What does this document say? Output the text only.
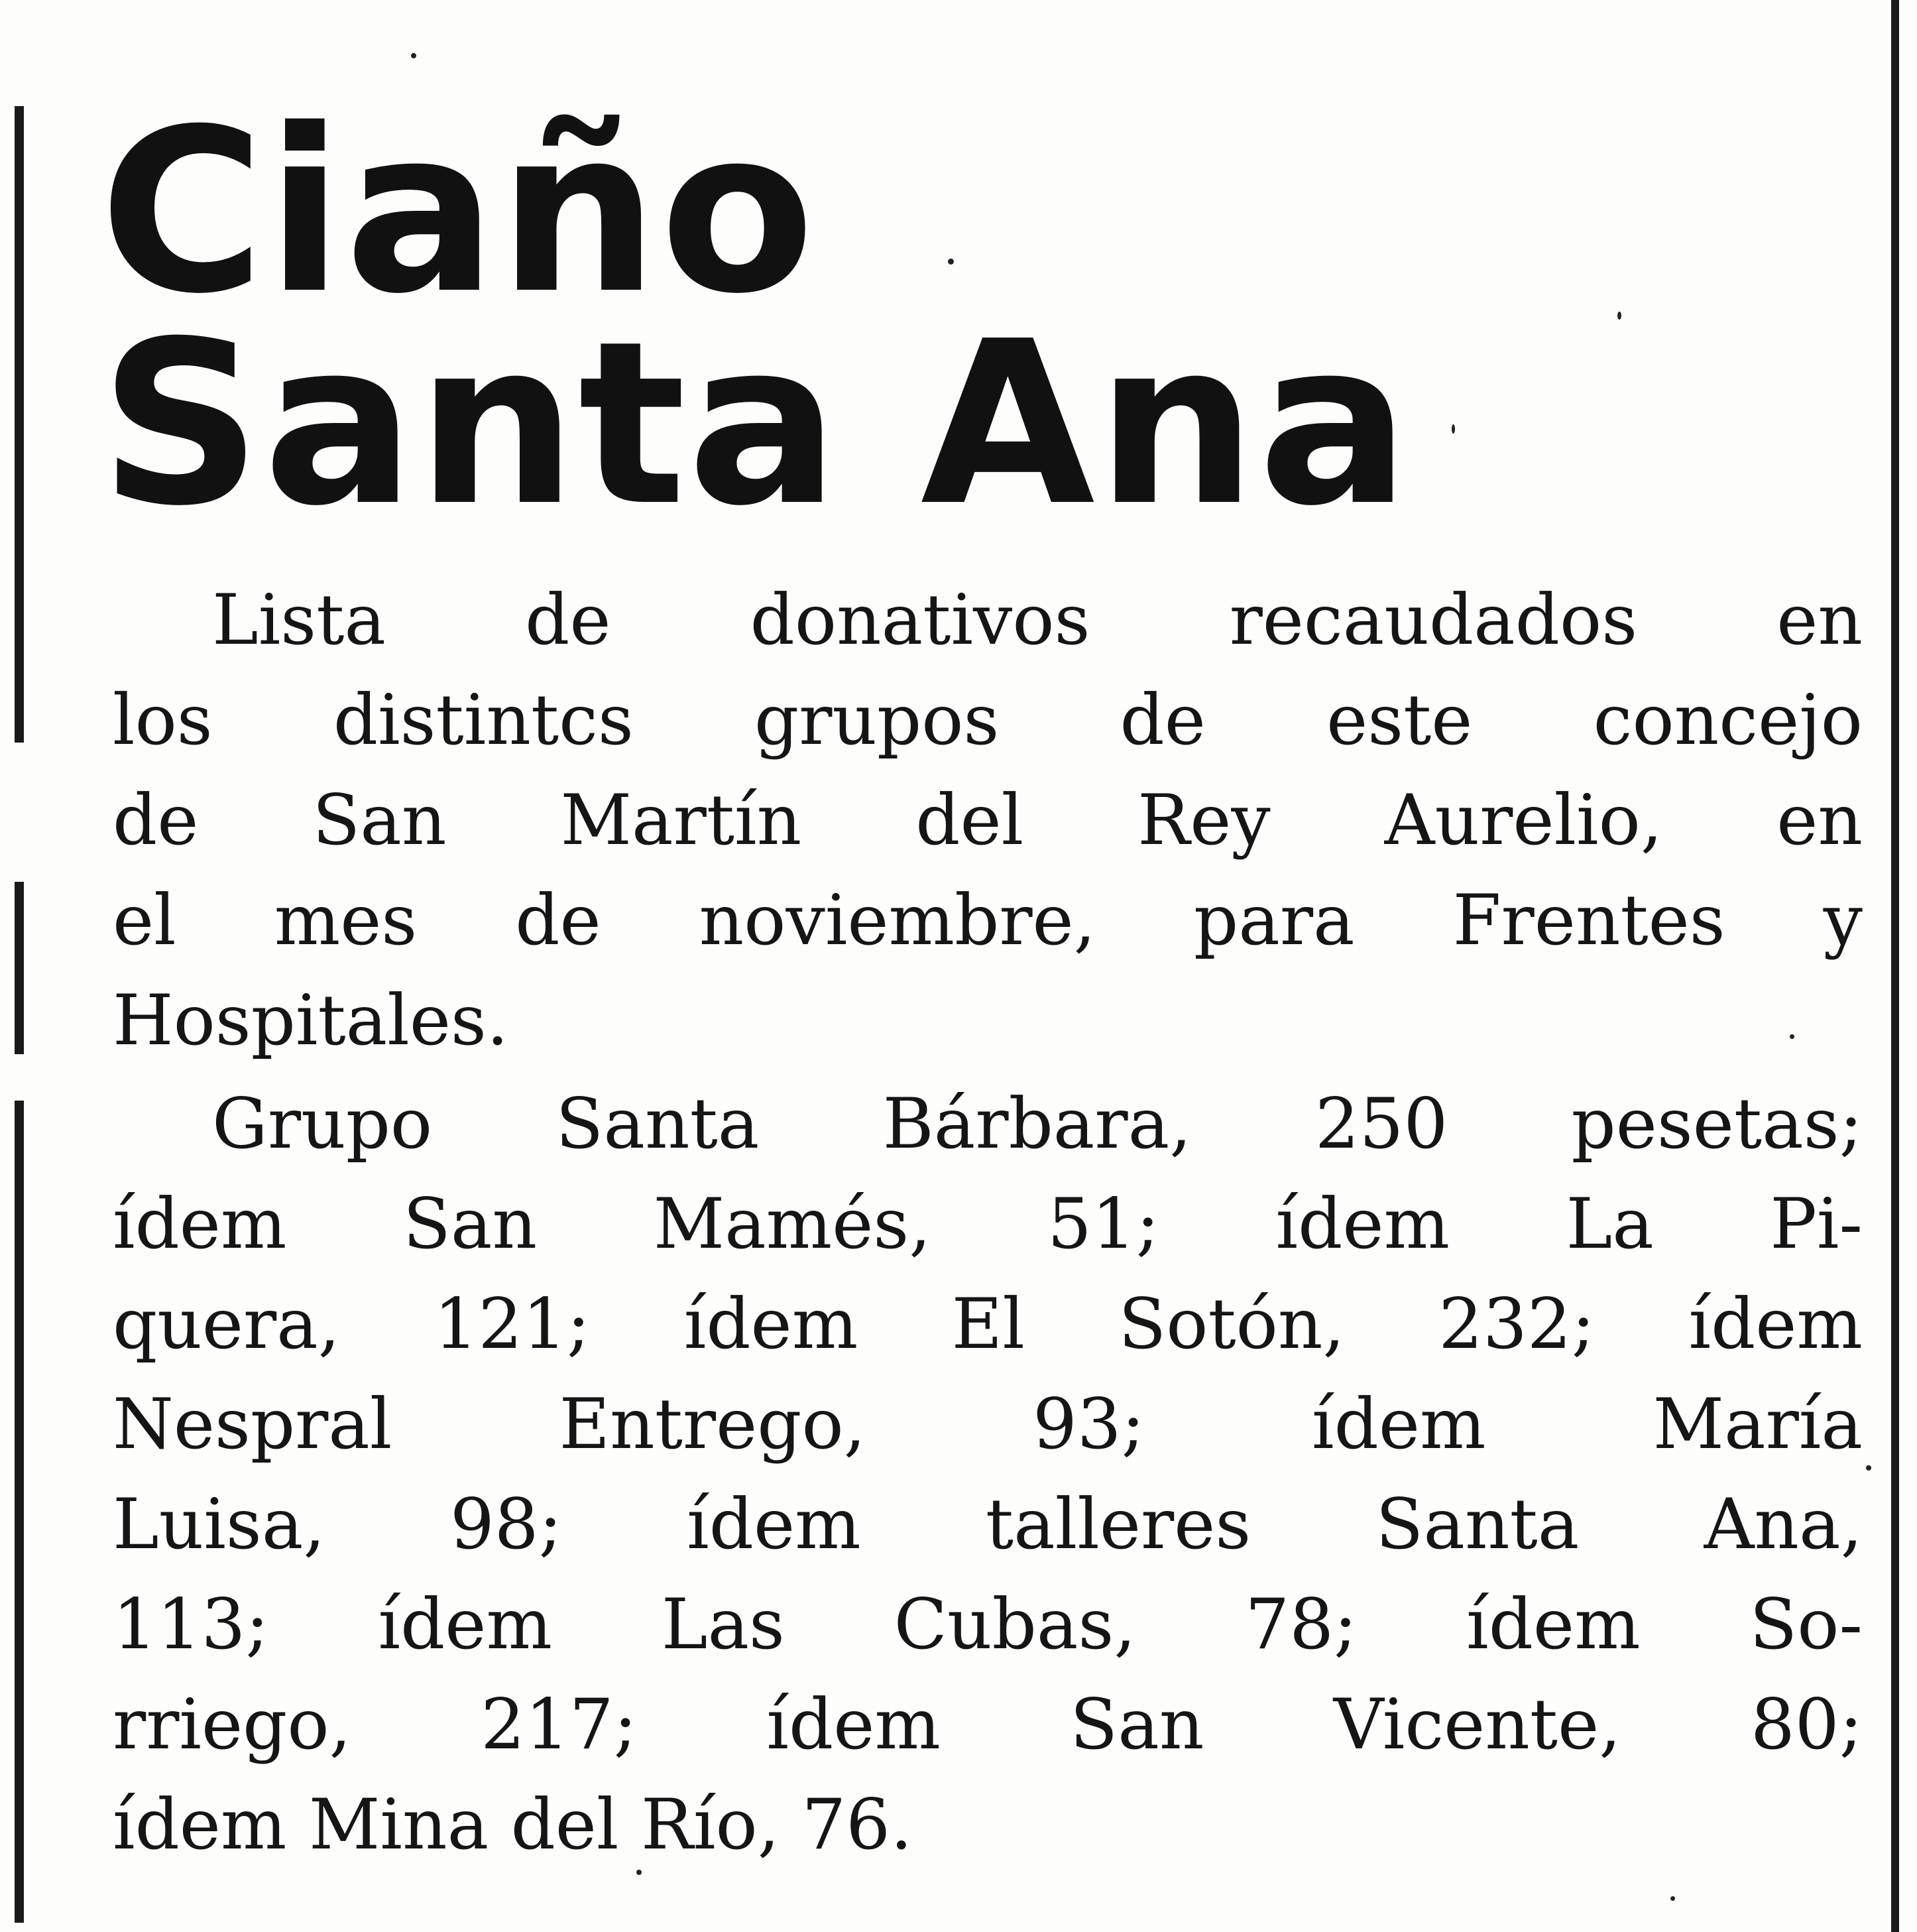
Ciaño
Santa Ana
Lista de donativos recaudados en
los distintcs grupos de este concejo
de San Martín del Rey Aurelio, en
el mes de noviembre, para Frentes y
Hospitales.
Grupo Santa Bárbara, 250 pesetas;
ídem San Mamés, 51; ídem La Pi-
quera, 121; ídem El Sotón, 232; ídem
Nespral Entrego, 93; ídem María
Luisa, 98; ídem talleres Santa Ana,
113; ídem Las Cubas, 78; ídem So-
rriego, 217; ídem San Vicente, 80;
ídem Mina del Río, 76.
